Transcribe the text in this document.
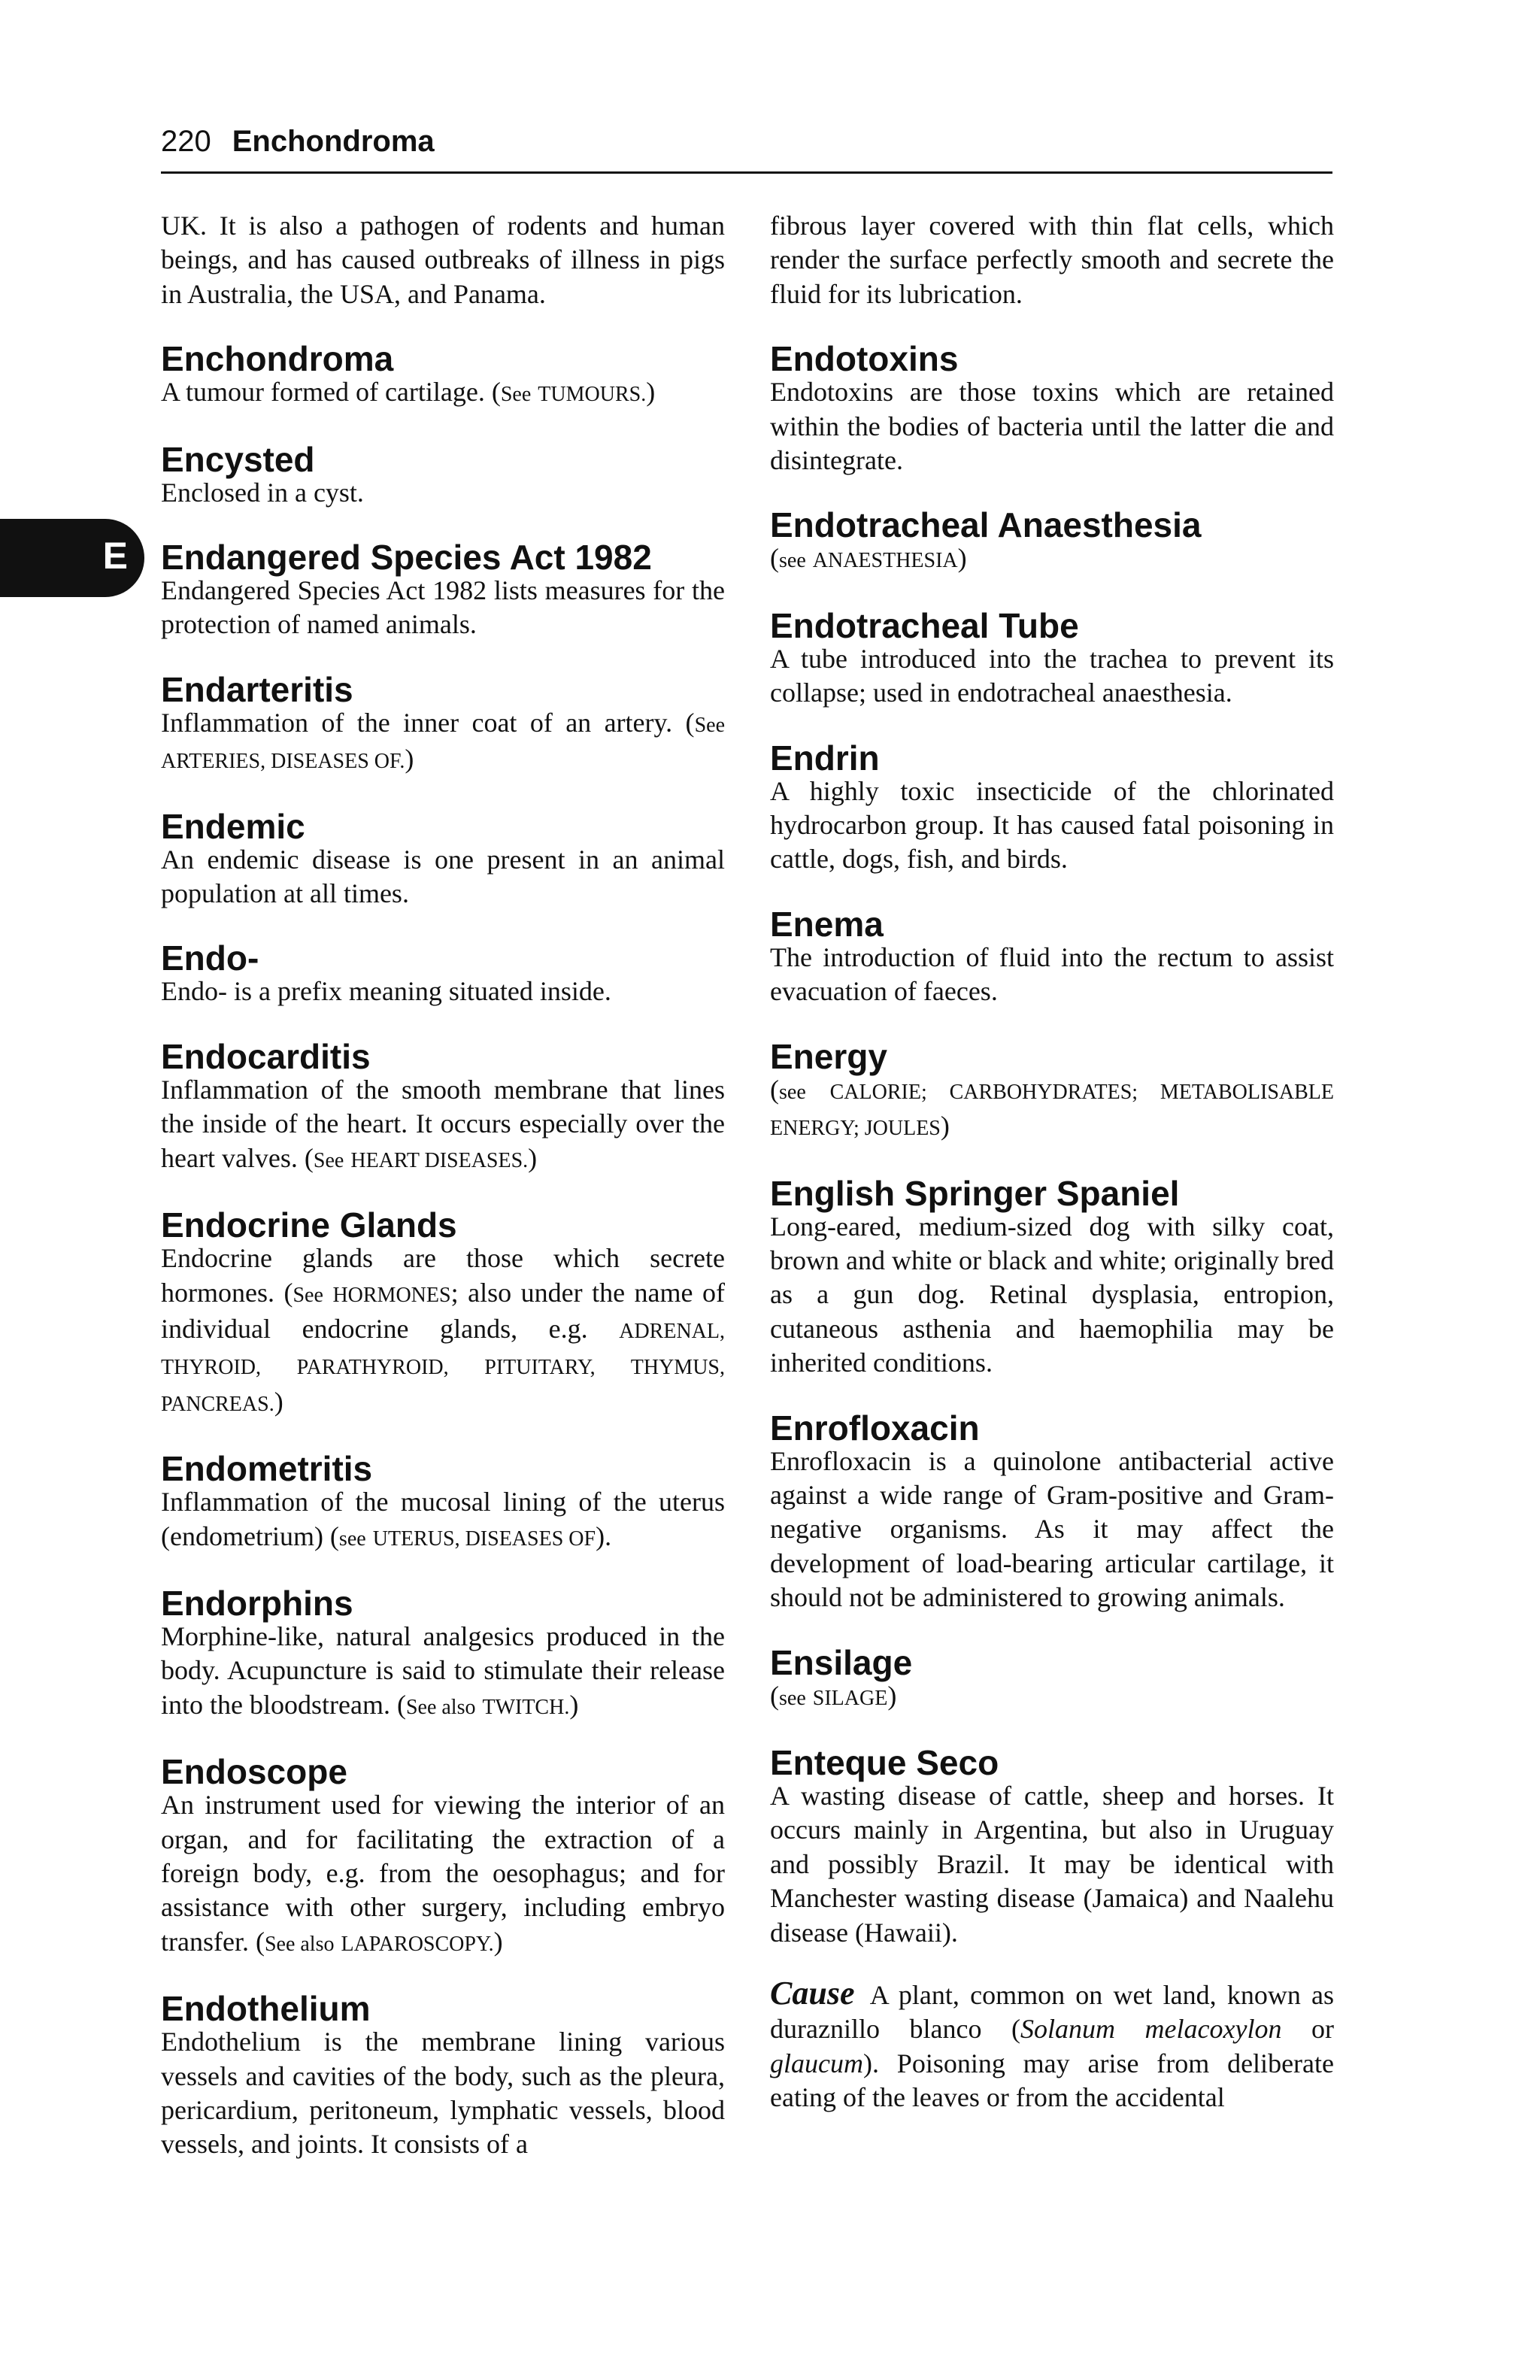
220 Enchondroma
E

UK. It is also a pathogen of rodents and human beings, and has caused outbreaks of illness in pigs in Australia, the USA, and Panama.

Enchondroma

A tumour formed of cartilage. (See TUMOURS.)

Encysted

Enclosed in a cyst.

Endangered Species Act 1982

Endangered Species Act 1982 lists measures for the protection of named animals.

Endarteritis

Inflammation of the inner coat of an artery. (See ARTERIES, DISEASES OF.)

Endemic

An endemic disease is one present in an animal population at all times.

Endo-

Endo- is a prefix meaning situated inside.

Endocarditis

Inflammation of the smooth membrane that lines the inside of the heart. It occurs especially over the heart valves. (See HEART DISEASES.)

Endocrine Glands

Endocrine glands are those which secrete hormones. (See HORMONES; also under the name of individual endocrine glands, e.g. ADRENAL, THYROID, PARATHYROID, PITUITARY, THYMUS, PANCREAS.)

Endometritis

Inflammation of the mucosal lining of the uterus (endometrium) (see UTERUS, DISEASES OF).

Endorphins

Morphine-like, natural analgesics produced in the body. Acupuncture is said to stimulate their release into the bloodstream. (See also TWITCH.)

Endoscope

An instrument used for viewing the interior of an organ, and for facilitating the extraction of a foreign body, e.g. from the oesophagus; and for assistance with other surgery, including embryo transfer. (See also LAPAROSCOPY.)

Endothelium

Endothelium is the membrane lining various vessels and cavities of the body, such as the pleura, pericardium, peritoneum, lymphatic vessels, blood vessels, and joints. It consists of a

fibrous layer covered with thin flat cells, which render the surface perfectly smooth and secrete the fluid for its lubrication.

Endotoxins

Endotoxins are those toxins which are retained within the bodies of bacteria until the latter die and disintegrate.

Endotracheal Anaesthesia

(see ANAESTHESIA)

Endotracheal Tube

A tube introduced into the trachea to prevent its collapse; used in endotracheal anaesthesia.

Endrin

A highly toxic insecticide of the chlorinated hydrocarbon group. It has caused fatal poisoning in cattle, dogs, fish, and birds.

Enema

The introduction of fluid into the rectum to assist evacuation of faeces.

Energy

(see CALORIE; CARBOHYDRATES; METABOLISABLE ENERGY; JOULES)

English Springer Spaniel

Long-eared, medium-sized dog with silky coat, brown and white or black and white; originally bred as a gun dog. Retinal dysplasia, entropion, cutaneous asthenia and haemophilia may be inherited conditions.

Enrofloxacin

Enrofloxacin is a quinolone antibacterial active against a wide range of Gram-positive and Gram-negative organisms. As it may affect the development of load-bearing articular cartilage, it should not be administered to growing animals.

Ensilage

(see SILAGE)

Enteque Seco

A wasting disease of cattle, sheep and horses. It occurs mainly in Argentina, but also in Uruguay and possibly Brazil. It may be identical with Manchester wasting disease (Jamaica) and Naalehu disease (Hawaii).

Cause A plant, common on wet land, known as duraznillo blanco (Solanum melacoxylon or glaucum). Poisoning may arise from deliberate eating of the leaves or from the accidental
